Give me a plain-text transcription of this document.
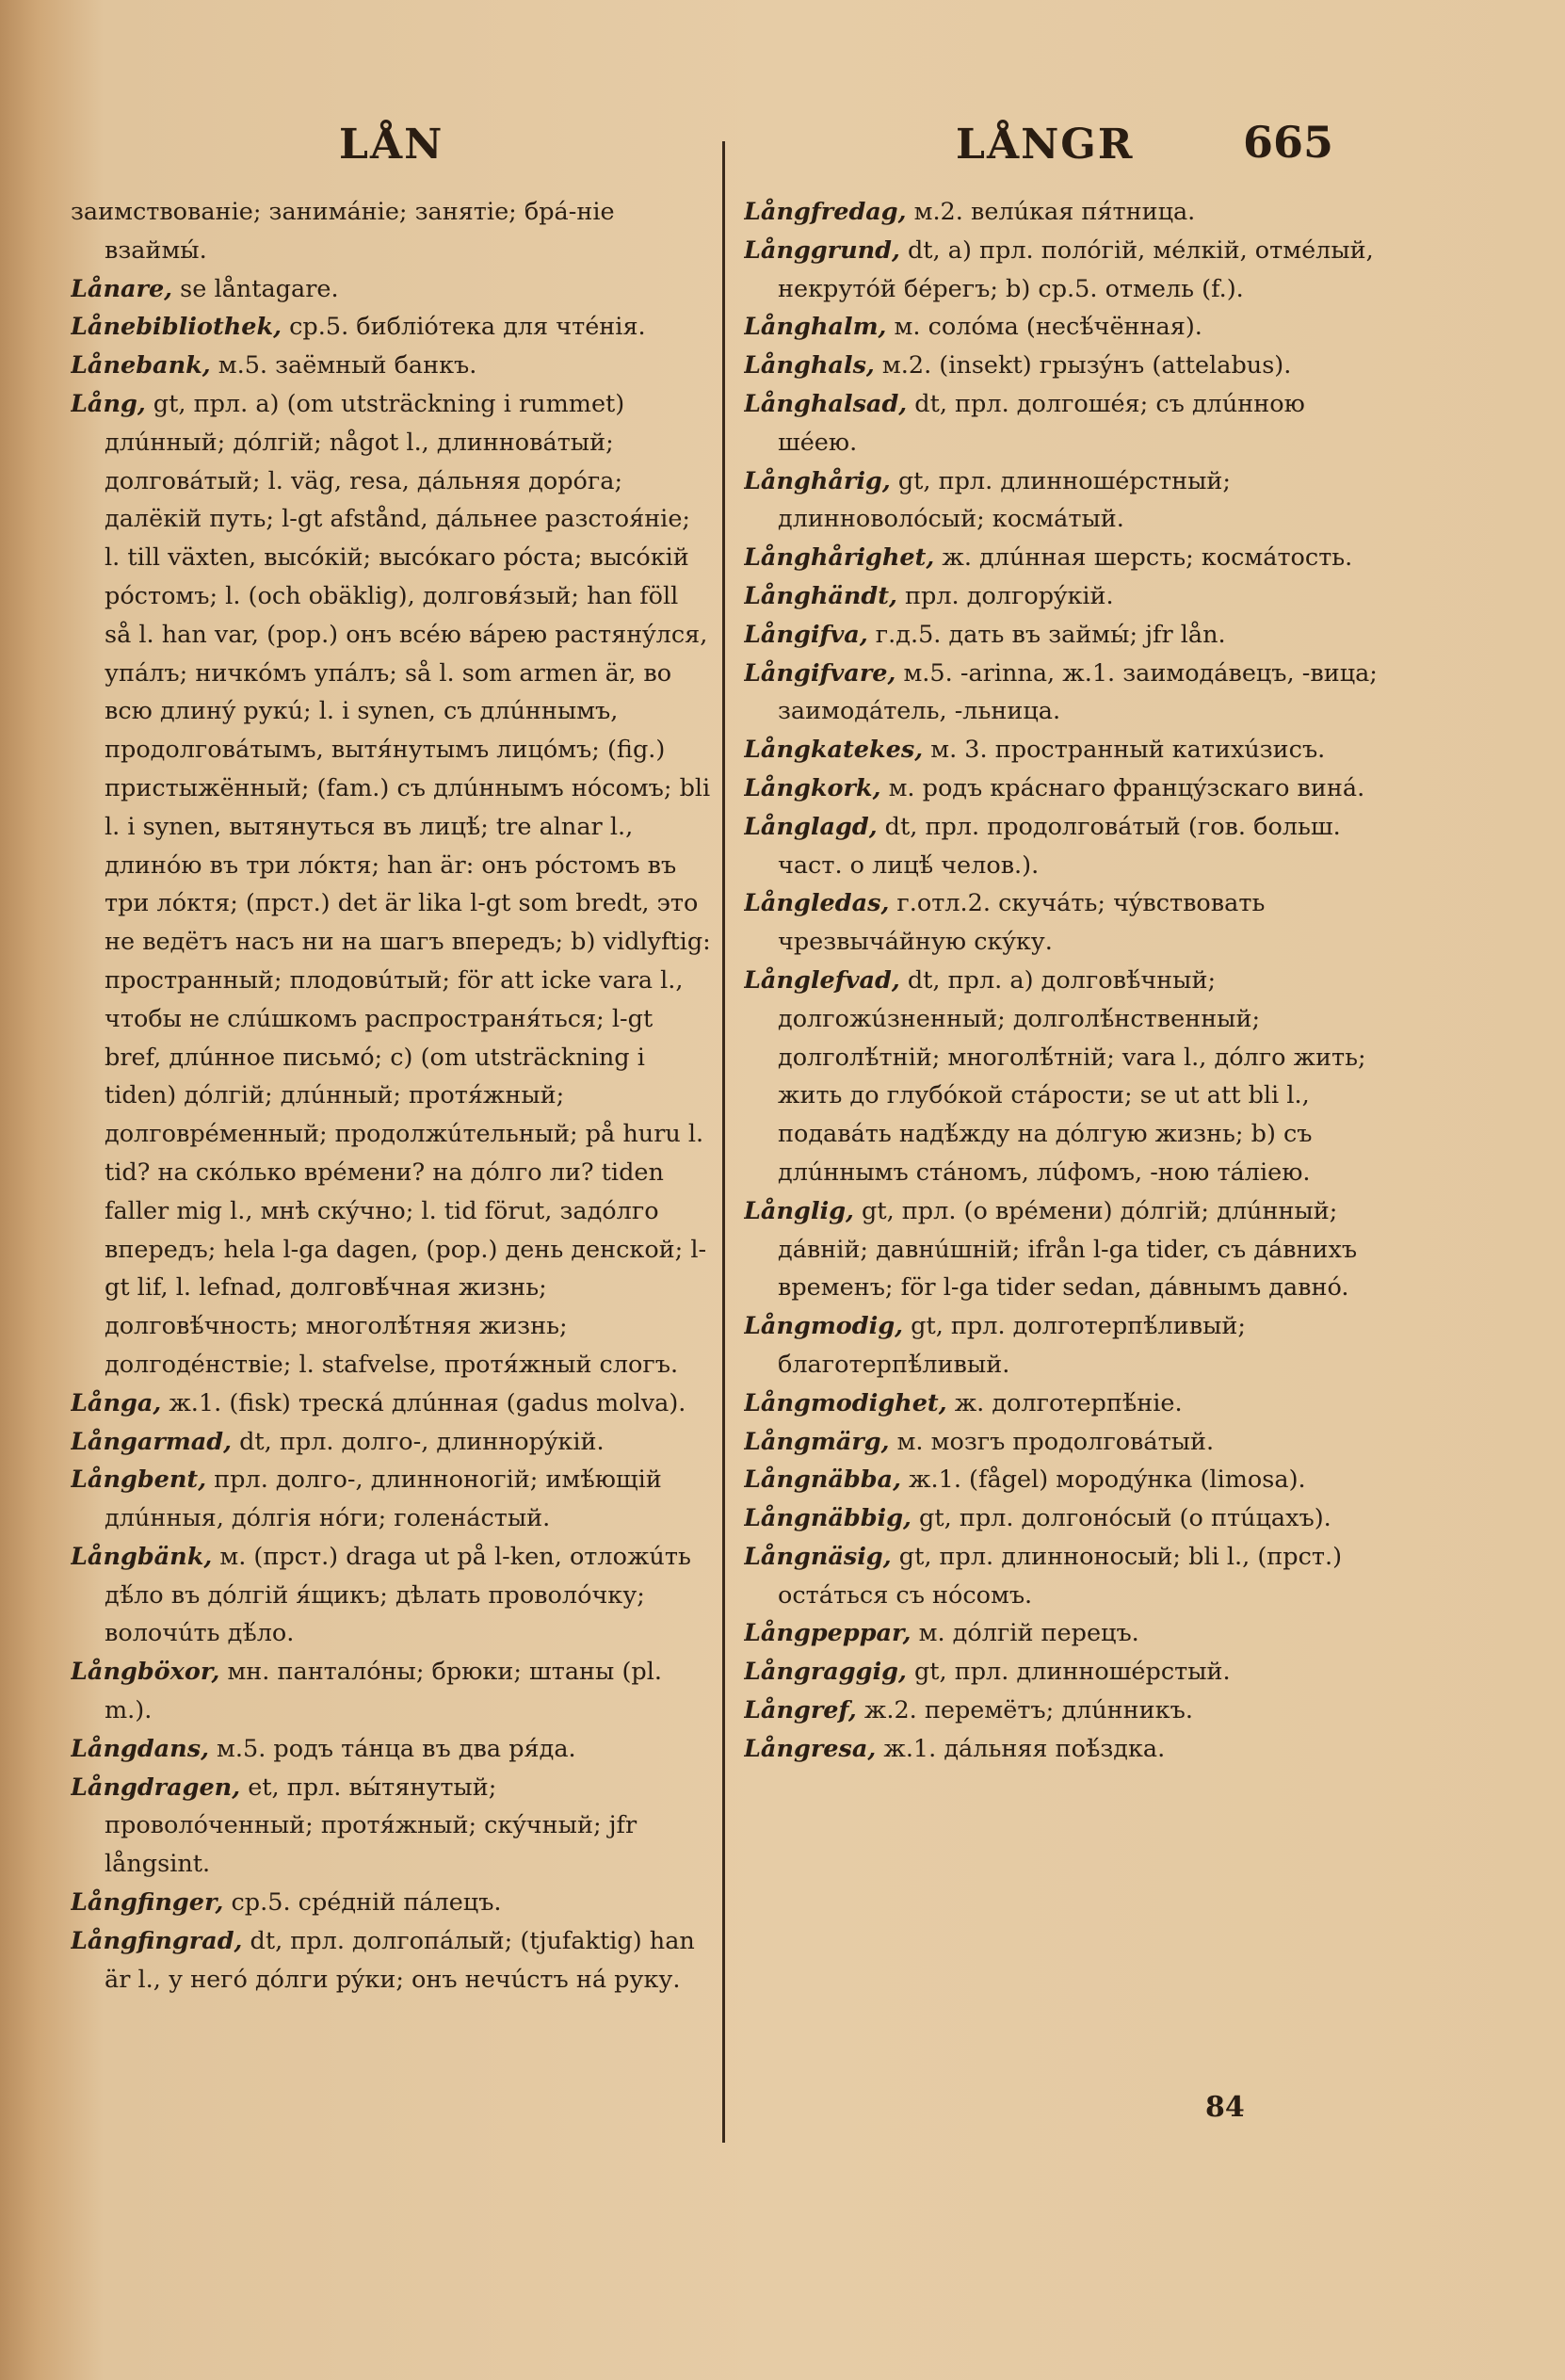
LÅN	LÅNGR	665

заимствованіе; занимáніе; занятіе; бpá-ніе взаймы́.

Lånare, se låntagare.

Lånebibliothek, ср.5. библіóтека для чтéнія.

Lånebank, м.5. заёмный банкъ.

Lång, gt, прл. a) (om utsträckning i rummet) длúнный; дóлгій; något l., длинновáтый; долговáтый; l. väg, resa, дáльняя дорóга; далёкій путь; l-gt afstånd, дáльнее разстоя́ніе; l. till växten, высóкій; высóкаго рóста; высóкій рóстомъ; l. (och obäklig), долговя́зый; han föll så l. han var, (pop.) онъ всéю вáрею растянýлся, упáлъ; ничкóмъ упáлъ; så l. som armen är, во всю длинý рукú; l. i synen, съ длúннымъ, продолговáтымъ, вытя́нутымъ лицóмъ; (fig.) пристыжённый; (fam.) съ длúннымъ нóсомъ; bli l. i synen, вытянуться въ лицѣ́; tre alnar l., длинóю въ три лóктя; han är: онъ рóстомъ въ три лóктя; (прст.) det är lika l-gt som bredt, это не ведётъ насъ ни на шагъ впередъ; b) vidlyftig: пространный; плодовúтый; för att icke vara l., чтобы не слúшкомъ распространя́ться; l-gt bref, длúнное письмó; c) (om utsträckning i tiden) дóлгій; длúнный; протя́жный; долговрéменный; продолжúтельный; på huru l. tid? на скóлько врéмени? на дóлго ли? tiden faller mig l., мнѣ скýчно; l. tid förut, задóлго впередъ; hela l-ga dagen, (pop.) день денской; l-gt lif, l. lefnad, долговѣ́чная жизнь; долговѣ́чность; многолѣ́тняя жизнь; долгодéнствіе; l. stafvelse, протя́жный слогъ.

Långa, ж.1. (fisk) трескá длúнная (gadus molva).

Långarmad, dt, прл. долго-, длиннорýкій.

Långbent, прл. долго-, длинноногій; имѣ́ющій длúнныя, дóлгія нóги; голенáстый.

Långbänk, м. (прст.) draga ut på l-ken, отложúть дѣ́ло въ дóлгій я́щикъ; дѣлать проволóчку; волочúть дѣ́ло.

Långböxor, мн. панталóны; брюки; штаны (pl. m.).

Långdans, м.5. родъ тáнца въ два ря́да.

Långdragen, et, прл. вы́тянутый; проволóченный; протя́жный; скýчный; jfr långsint.

Långfinger, ср.5. срéдній пáлецъ.

Långfingrad, dt, прл. долгопáлый; (tjufaktig) han är l., у негó дóлги рýки; онъ нечúстъ нá руку.

Långfredag, м.2. велúкая пя́тница.

Långgrund, dt, a) прл. полóгій, мéлкій, отмéлый, некрутóй бéрегъ; b) ср.5. отмель (f.).

Långhalm, м. солóма (несѣ́чённая).

Långhals, м.2. (insekt) грызýнъ (attelabus).

Långhalsad, dt, прл. долгошéя; съ длúнною шéею.

Långhårig, gt, прл. длинношéрстный; длинноволóсый; космáтый.

Långhårighet, ж. длúнная шерсть; космáтость.

Långhändt, прл. долгорýкій.

Långifva, г.д.5. дать въ займы́; jfr lån.

Långifvare, м.5. -arinna, ж.1. заимодáвецъ, -вица; заимодáтель, -льница.

Långkatekes, м. 3. пространный катихúзисъ.

Långkork, м. родъ крáснаго францýзскаго винá.

Långlagd, dt, прл. продолговáтый (гов. больш. част. о лицѣ́ челов.).

Långledas, г.отл.2. скучáть; чýвствовать чрезвычáйную скýку.

Långlefvad, dt, прл. a) долговѣ́чный; долгожúзненный; долголѣ́нственный; долголѣ́тній; многолѣ́тній; vara l., дóлго жить; жить до глубóкой стáрости; se ut att bli l., подавáть надѣ́жду на дóлгую жизнь; b) съ длúннымъ стáномъ, лúфомъ, -ною тáліею.

Långlig, gt, прл. (о врéмени) дóлгій; длúнный; дáвній; давнúшній; ifrån l-ga tider, съ дáвнихъ временъ; för l-ga tider sedan, дáвнымъ давнó.

Långmodig, gt, прл. долготерпѣ́ливый; благотерпѣ́ливый.

Långmodighet, ж. долготерпѣ́ніе.

Långmärg, м. мозгъ продолговáтый.

Långnäbba, ж.1. (fågel) мородýнка (limosa).

Långnäbbig, gt, прл. долгонóсый (о птúцахъ).

Långnäsig, gt, прл. длинноносый; bli l., (прст.) остáться съ нóсомъ.

Långpeppar, м. дóлгій перецъ.

Långraggig, gt, прл. длинношéрстый.

Långref, ж.2. перемётъ; длúнникъ.

Långresa, ж.1. дáльняя поѣ́здка.

84
